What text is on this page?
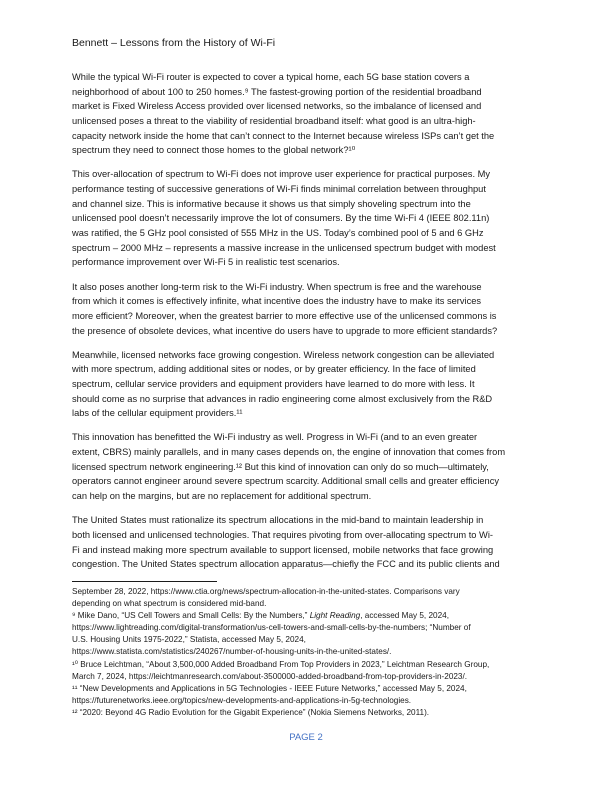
Bennett – Lessons from the History of Wi-Fi

While the typical Wi-Fi router is expected to cover a typical home, each 5G base station covers a
neighborhood of about 100 to 250 homes.⁹ The fastest-growing portion of the residential broadband
market is Fixed Wireless Access provided over licensed networks, so the imbalance of licensed and
unlicensed poses a threat to the viability of residential broadband itself: what good is an ultra-high-
capacity network inside the home that can’t connect to the Internet because wireless ISPs can’t get the
spectrum they need to connect those homes to the global network?¹⁰

This over-allocation of spectrum to Wi-Fi does not improve user experience for practical purposes. My
performance testing of successive generations of Wi-Fi finds minimal correlation between throughput
and channel size. This is informative because it shows us that simply shoveling spectrum into the
unlicensed pool doesn’t necessarily improve the lot of consumers. By the time Wi-Fi 4 (IEEE 802.11n)
was ratified, the 5 GHz pool consisted of 555 MHz in the US. Today’s combined pool of 5 and 6 GHz
spectrum – 2000 MHz – represents a massive increase in the unlicensed spectrum budget with modest
performance improvement over Wi-Fi 5 in realistic test scenarios.

It also poses another long-term risk to the Wi-Fi industry. When spectrum is free and the warehouse
from which it comes is effectively infinite, what incentive does the industry have to make its services
more efficient? Moreover, when the greatest barrier to more effective use of the unlicensed commons is
the presence of obsolete devices, what incentive do users have to upgrade to more efficient standards?

Meanwhile, licensed networks face growing congestion. Wireless network congestion can be alleviated
with more spectrum, adding additional sites or nodes, or by greater efficiency. In the face of limited
spectrum, cellular service providers and equipment providers have learned to do more with less. It
should come as no surprise that advances in radio engineering come almost exclusively from the R&D
labs of the cellular equipment providers.¹¹

This innovation has benefitted the Wi-Fi industry as well. Progress in Wi-Fi (and to an even greater
extent, CBRS) mainly parallels, and in many cases depends on, the engine of innovation that comes from
licensed spectrum network engineering.¹² But this kind of innovation can only do so much—ultimately,
operators cannot engineer around severe spectrum scarcity. Additional small cells and greater efficiency
can help on the margins, but are no replacement for additional spectrum.

The United States must rationalize its spectrum allocations in the mid-band to maintain leadership in
both licensed and unlicensed technologies. That requires pivoting from over-allocating spectrum to Wi-
Fi and instead making more spectrum available to support licensed, mobile networks that face growing
congestion. The United States spectrum allocation apparatus—chiefly the FCC and its public clients and

September 28, 2022, https://www.ctia.org/news/spectrum-allocation-in-the-united-states. Comparisons vary
depending on what spectrum is considered mid-band.
⁹ Mike Dano, “US Cell Towers and Small Cells: By the Numbers,” Light Reading, accessed May 5, 2024,
https://www.lightreading.com/digital-transformation/us-cell-towers-and-small-cells-by-the-numbers; “Number of
U.S. Housing Units 1975-2022,” Statista, accessed May 5, 2024,
https://www.statista.com/statistics/240267/number-of-housing-units-in-the-united-states/.
¹⁰ Bruce Leichtman, “About 3,500,000 Added Broadband From Top Providers in 2023,” Leichtman Research Group,
March 7, 2024, https://leichtmanresearch.com/about-3500000-added-broadband-from-top-providers-in-2023/.
¹¹ “New Developments and Applications in 5G Technologies - IEEE Future Networks,” accessed May 5, 2024,
https://futurenetworks.ieee.org/topics/new-developments-and-applications-in-5g-technologies.
¹² “2020: Beyond 4G Radio Evolution for the Gigabit Experience” (Nokia Siemens Networks, 2011).
PAGE 2
